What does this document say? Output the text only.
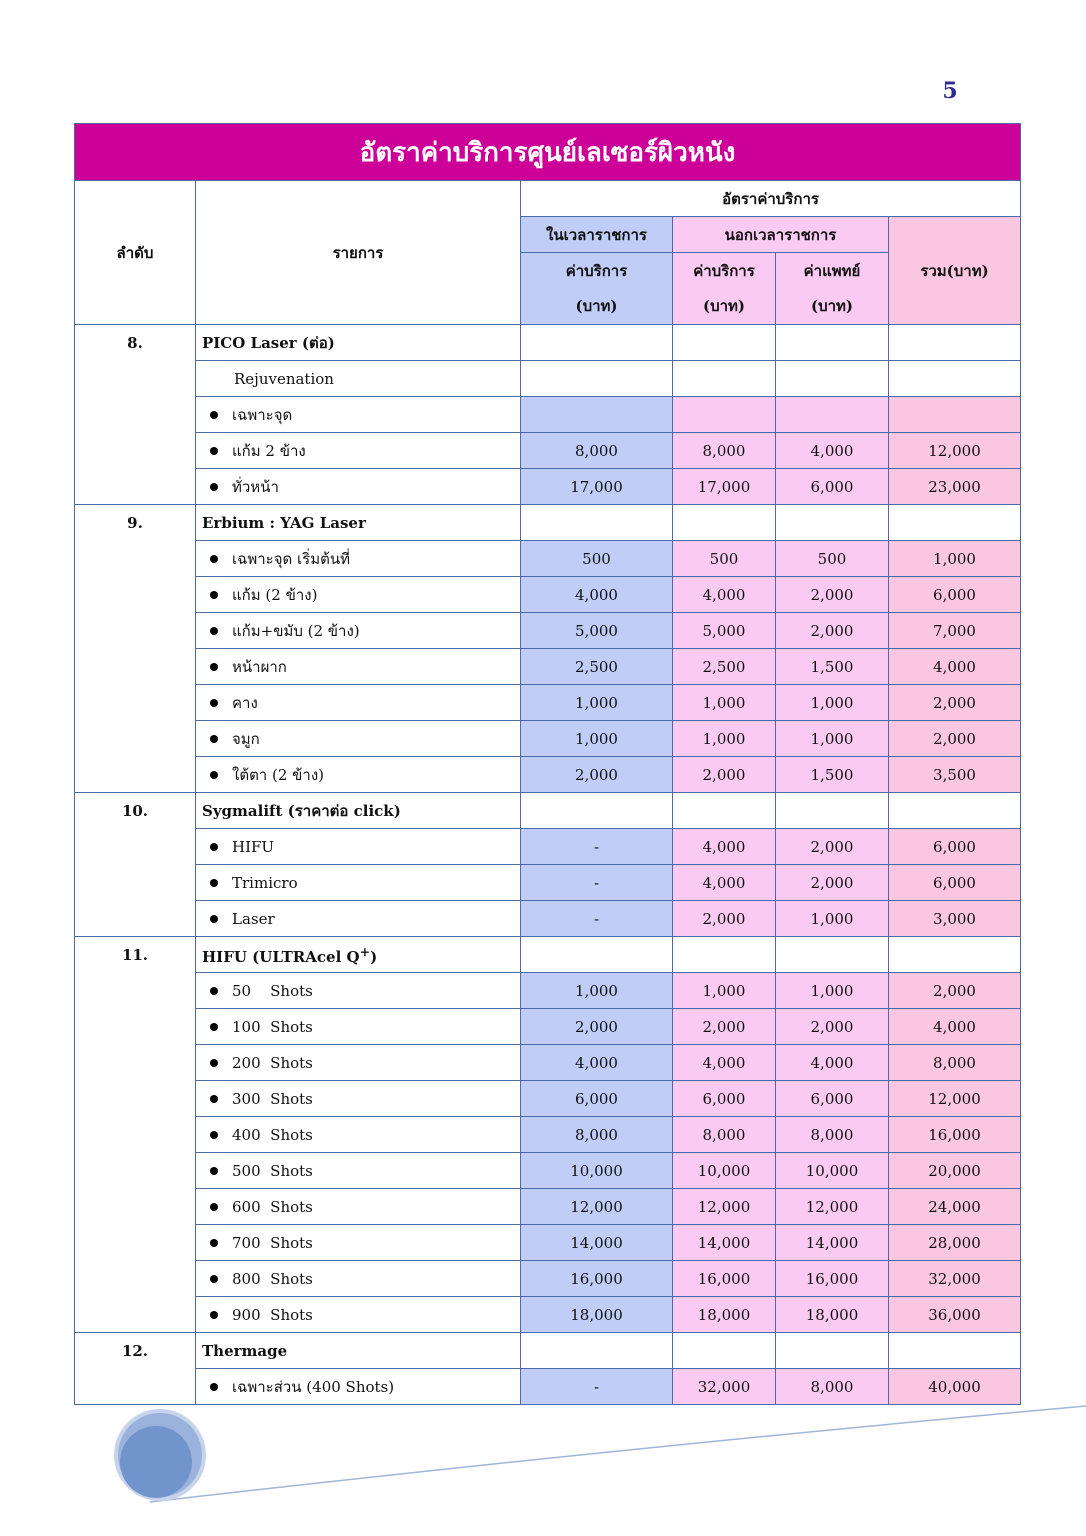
5
อัตราค่าบริการศูนย์เลเซอร์ผิวหนัง					
ลำดับ	รายการ	อัตราค่าบริการ			
		ในเวลาราชการ	นอกเวลาราชการ		รวม(บาท)
		ค่าบริการ	ค่าบริการ	ค่าแพทย์	
		(บาท)	(บาท)	(บาท)	
8.	PICO Laser (ต่อ)				
	Rejuvenation				
	เฉพาะจุด				
	แก้ม 2 ข้าง	8,000	8,000	4,000	12,000
	ทั่วหน้า	17,000	17,000	6,000	23,000
9.	Erbium : YAG Laser				
	เฉพาะจุด เริ่มต้นที่	500	500	500	1,000
	แก้ม (2 ข้าง)	4,000	4,000	2,000	6,000
	แก้ม+ขมับ (2 ข้าง)	5,000	5,000	2,000	7,000
	หน้าผาก	2,500	2,500	1,500	4,000
	คาง	1,000	1,000	1,000	2,000
	จมูก	1,000	1,000	1,000	2,000
	ใต้ตา (2 ข้าง)	2,000	2,000	1,500	3,500
10.	Sygmalift (ราคาต่อ click)				
	HIFU	-	4,000	2,000	6,000
	Trimicro	-	4,000	2,000	6,000
	Laser	-	2,000	1,000	3,000
11.	HIFU (ULTRAcel Q+)				
	50    Shots	1,000	1,000	1,000	2,000
	100  Shots	2,000	2,000	2,000	4,000
	200  Shots	4,000	4,000	4,000	8,000
	300  Shots	6,000	6,000	6,000	12,000
	400  Shots	8,000	8,000	8,000	16,000
	500  Shots	10,000	10,000	10,000	20,000
	600  Shots	12,000	12,000	12,000	24,000
	700  Shots	14,000	14,000	14,000	28,000
	800  Shots	16,000	16,000	16,000	32,000
	900  Shots	18,000	18,000	18,000	36,000
12.	Thermage				
	เฉพาะส่วน (400 Shots)	-	32,000	8,000	40,000
